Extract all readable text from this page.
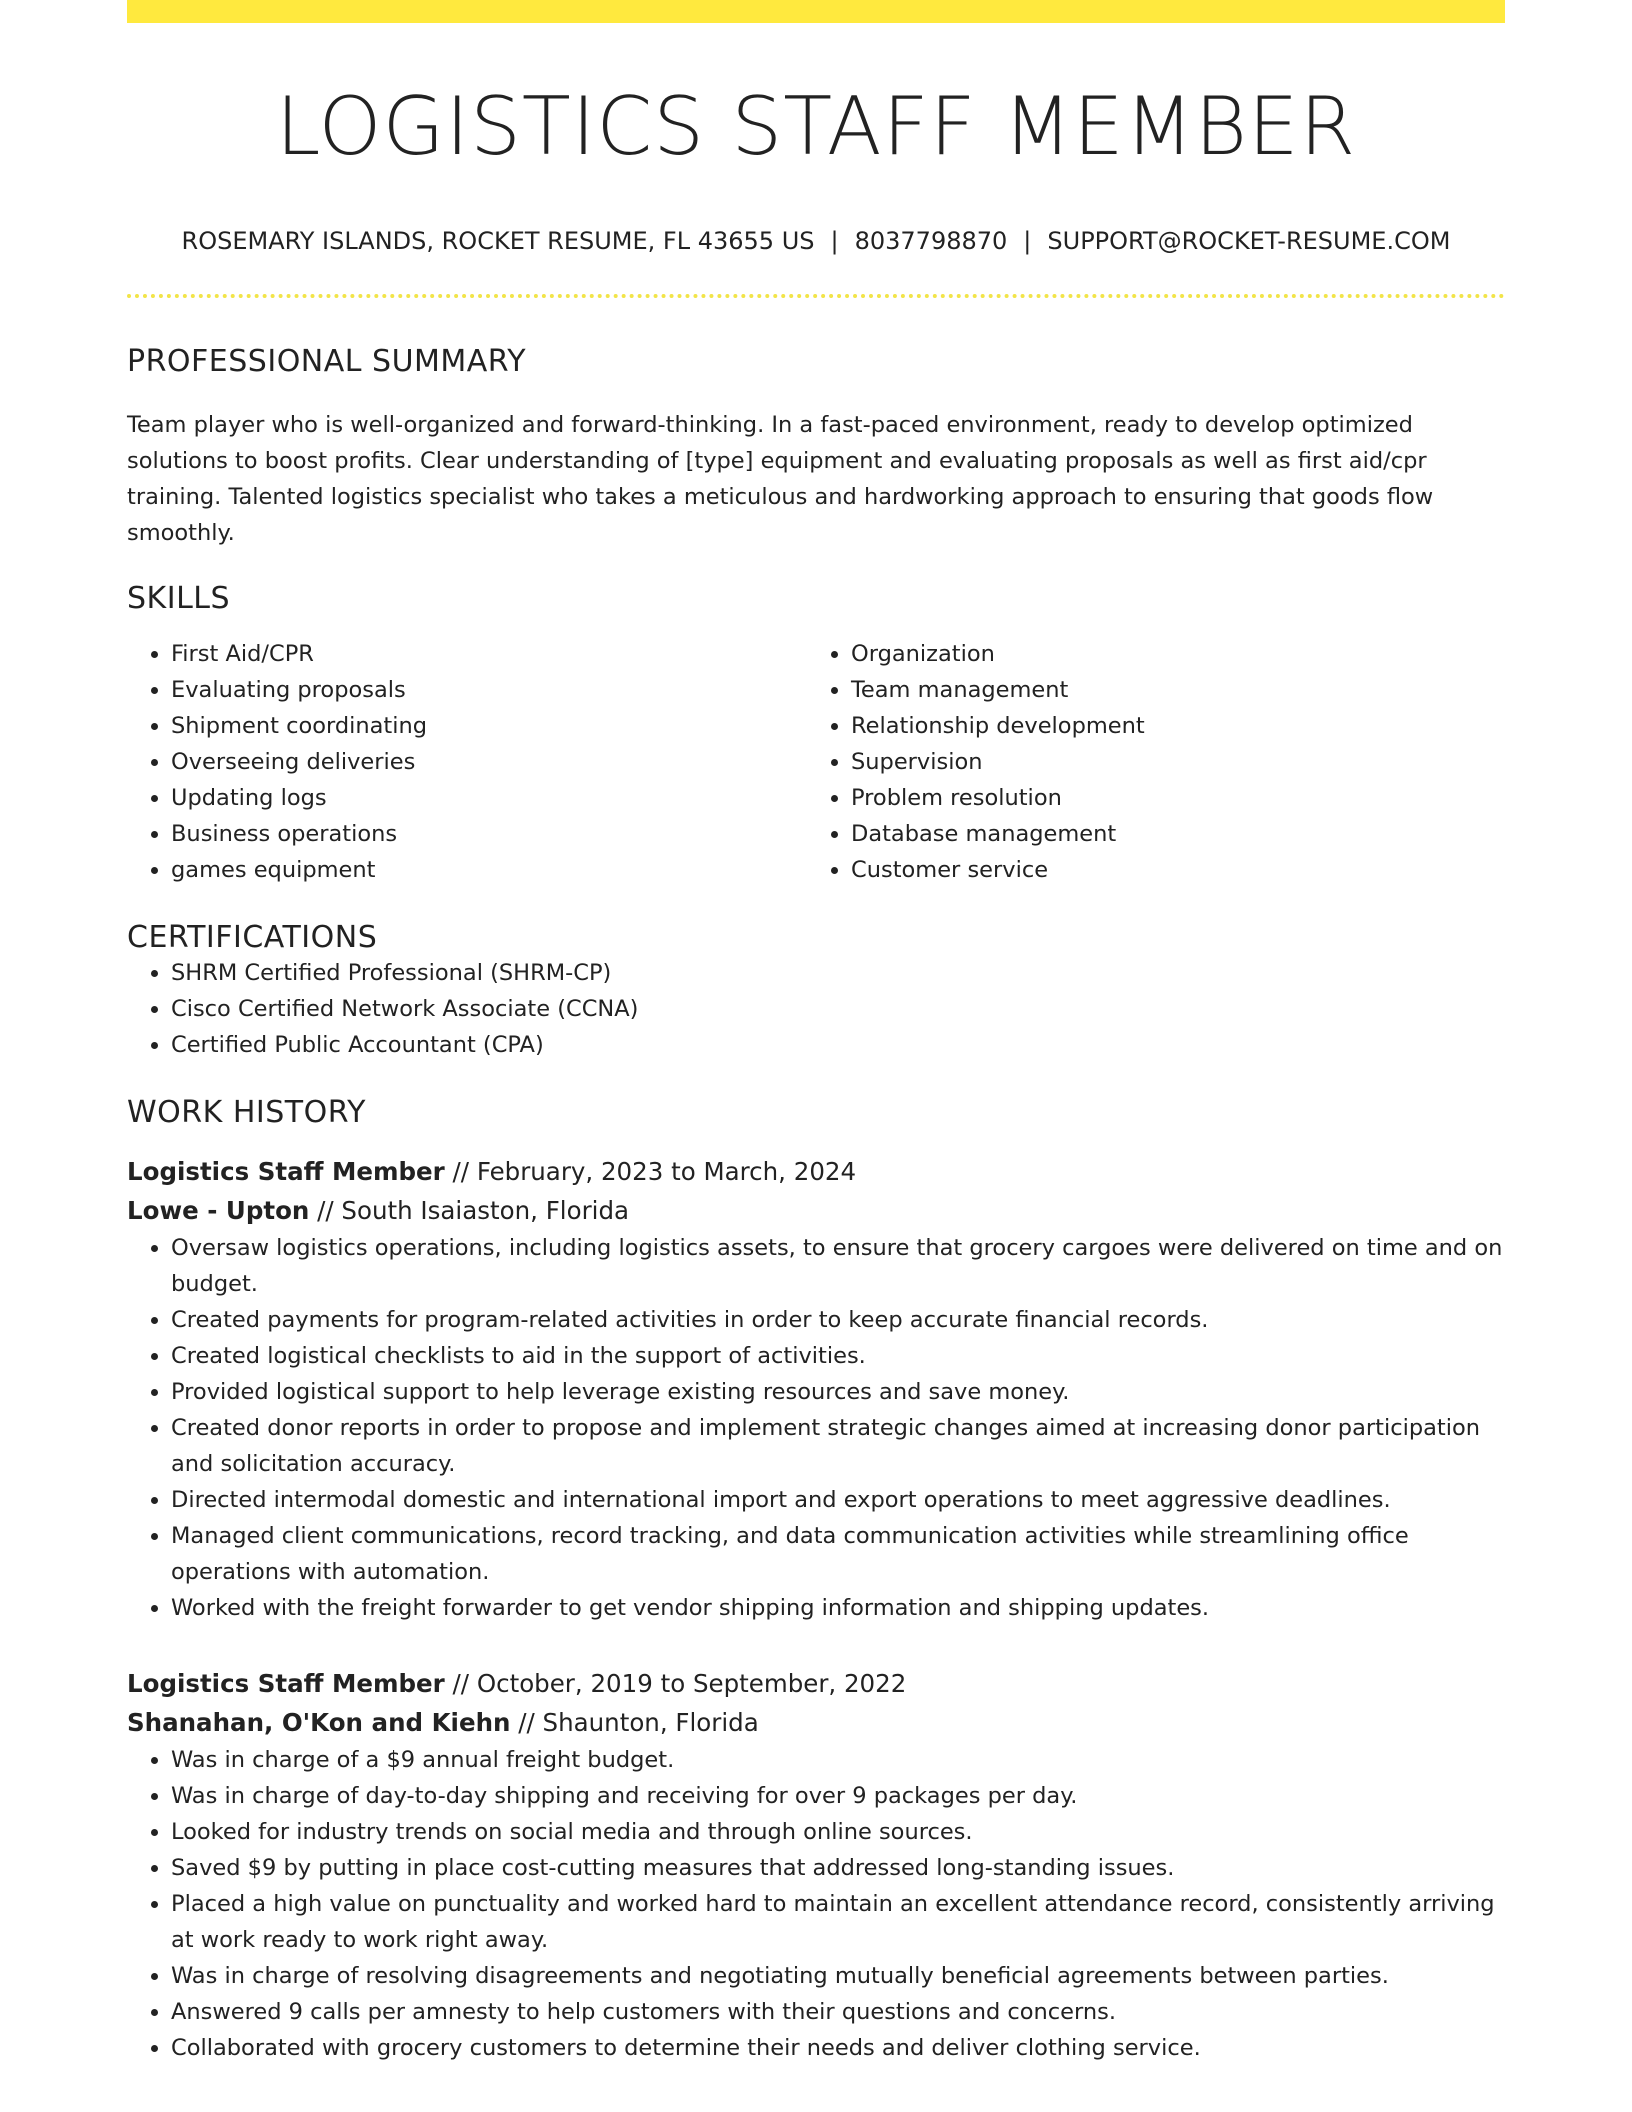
LOGISTICS STAFF MEMBER
ROSEMARY ISLANDS, ROCKET RESUME, FL 43655 US | 8037798870 | SUPPORT@ROCKET-RESUME.COM
PROFESSIONAL SUMMARY

Team player who is well-organized and forward-thinking. In a fast-paced environment, ready to develop optimized solutions to boost profits. Clear understanding of [type] equipment and evaluating proposals as well as first aid/cpr training. Talented logistics specialist who takes a meticulous and hardworking approach to ensuring that goods flow smoothly.

SKILLS
• First Aid/CPR
• Evaluating proposals
• Shipment coordinating
• Overseeing deliveries
• Updating logs
• Business operations
• games equipment
• Organization
• Team management
• Relationship development
• Supervision
• Problem resolution
• Database management
• Customer service
CERTIFICATIONS
• SHRM Certified Professional (SHRM-CP)
• Cisco Certified Network Associate (CCNA)
• Certified Public Accountant (CPA)
WORK HISTORY
Logistics Staff Member // February, 2023 to March, 2024
Lowe - Upton // South Isaiaston, Florida
• Oversaw logistics operations, including logistics assets, to ensure that grocery cargoes were delivered on time and on budget.
• Created payments for program-related activities in order to keep accurate financial records.
• Created logistical checklists to aid in the support of activities.
• Provided logistical support to help leverage existing resources and save money.
• Created donor reports in order to propose and implement strategic changes aimed at increasing donor participation and solicitation accuracy.
• Directed intermodal domestic and international import and export operations to meet aggressive deadlines.
• Managed client communications, record tracking, and data communication activities while streamlining office operations with automation.
• Worked with the freight forwarder to get vendor shipping information and shipping updates.
Logistics Staff Member // October, 2019 to September, 2022
Shanahan, O'Kon and Kiehn // Shaunton, Florida
• Was in charge of a $9 annual freight budget.
• Was in charge of day-to-day shipping and receiving for over 9 packages per day.
• Looked for industry trends on social media and through online sources.
• Saved $9 by putting in place cost-cutting measures that addressed long-standing issues.
• Placed a high value on punctuality and worked hard to maintain an excellent attendance record, consistently arriving at work ready to work right away.
• Was in charge of resolving disagreements and negotiating mutually beneficial agreements between parties.
• Answered 9 calls per amnesty to help customers with their questions and concerns.
• Collaborated with grocery customers to determine their needs and deliver clothing service.
